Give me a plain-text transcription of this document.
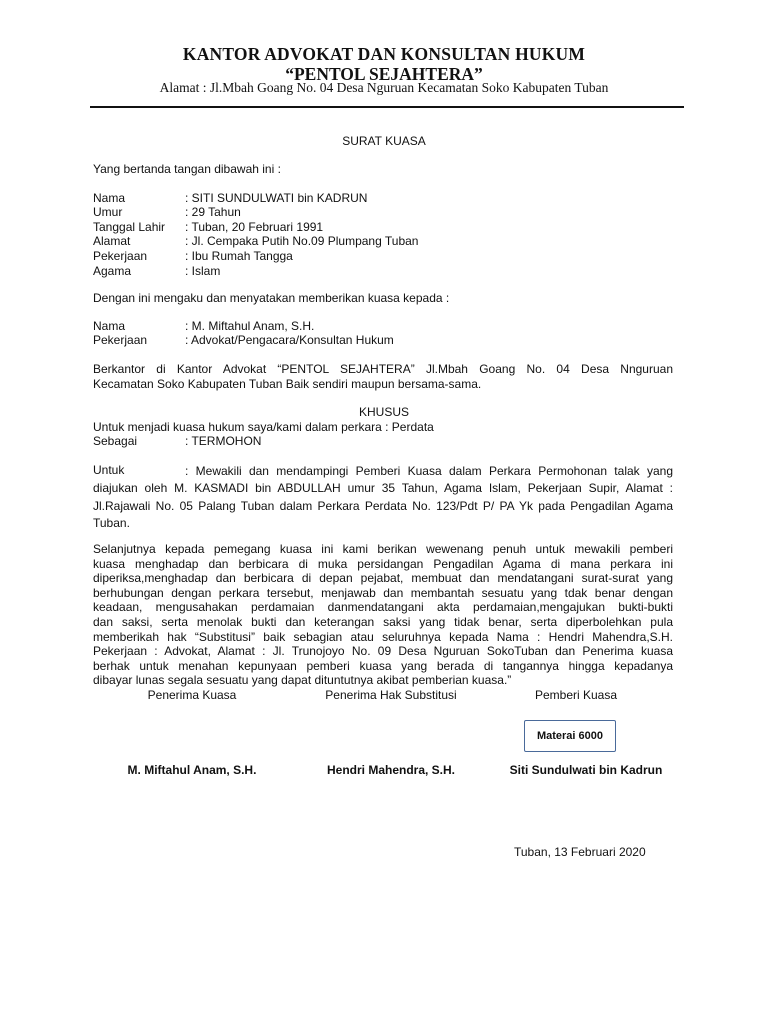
KANTOR ADVOKAT DAN KONSULTAN HUKUM
“PENTOL SEJAHTERA”
Alamat : Jl.Mbah Goang No. 04 Desa Nguruan Kecamatan Soko Kabupaten Tuban
SURAT KUASA
Yang bertanda tangan dibawah ini :
Nama	: SITI SUNDULWATI bin KADRUN
Umur	: 29 Tahun
Tanggal Lahir : Tuban, 20 Februari 1991
Alamat	: Jl. Cempaka Putih No.09 Plumpang Tuban
Pekerjaan	: Ibu Rumah Tangga
Agama	: Islam
Dengan ini mengaku dan menyatakan memberikan kuasa kepada :
Nama	: M. Miftahul Anam, S.H.
Pekerjaan	: Advokat/Pengacara/Konsultan Hukum
Berkantor di Kantor Advokat “PENTOL SEJAHTERA” Jl.Mbah Goang No. 04 Desa Nnguruan
Kecamatan Soko Kabupaten Tuban Baik sendiri maupun bersama-sama.
KHUSUS
Untuk menjadi kuasa hukum saya/kami dalam perkara : Perdata
Sebagai	: TERMOHON
Untuk	: Mewakili dan mendampingi Pemberi Kuasa dalam Perkara Permohonan talak yang
diajukan oleh M. KASMADI bin ABDULLAH umur 35 Tahun, Agama Islam, Pekerjaan Supir, Alamat :
Jl.Rajawali No. 05 Palang Tuban dalam Perkara Perdata No. 123/Pdt P/ PA Yk pada Pengadilan Agama
Tuban.
Selanjutnya kepada pemegang kuasa ini kami berikan wewenang penuh untuk mewakili pemberi
kuasa menghadap dan berbicara di muka persidangan Pengadilan Agama di mana perkara ini
diperiksa,menghadap dan berbicara di depan pejabat, membuat dan mendatangani surat-surat yang
berhubungan dengan perkara tersebut, menjawab dan membantah sesuatu yang tdak benar dengan
keadaan, mengusahakan perdamaian danmendatangani akta perdamaian,mengajukan bukti-bukti
dan saksi, serta menolak bukti dan keterangan saksi yang tidak benar, serta diperbolehkan pula
memberikah hak “Substitusi” baik sebagian atau seluruhnya kepada Nama : Hendri Mahendra,S.H.
Pekerjaan : Advokat, Alamat : Jl. Trunojoyo No. 09 Desa Nguruan SokoTuban dan Penerima kuasa
berhak untuk menahan kepunyaan pemberi kuasa yang berada di tangannya hingga kepadanya
dibayar lunas segala sesuatu yang dapat dituntutnya akibat pemberian kuasa.”
Penerima Kuasa	Penerima Hak Substitusi	Pemberi Kuasa
Materai 6000
M. Miftahul Anam, S.H.	Hendri Mahendra, S.H.	Siti Sundulwati bin Kadrun
Tuban, 13 Februari 2020
